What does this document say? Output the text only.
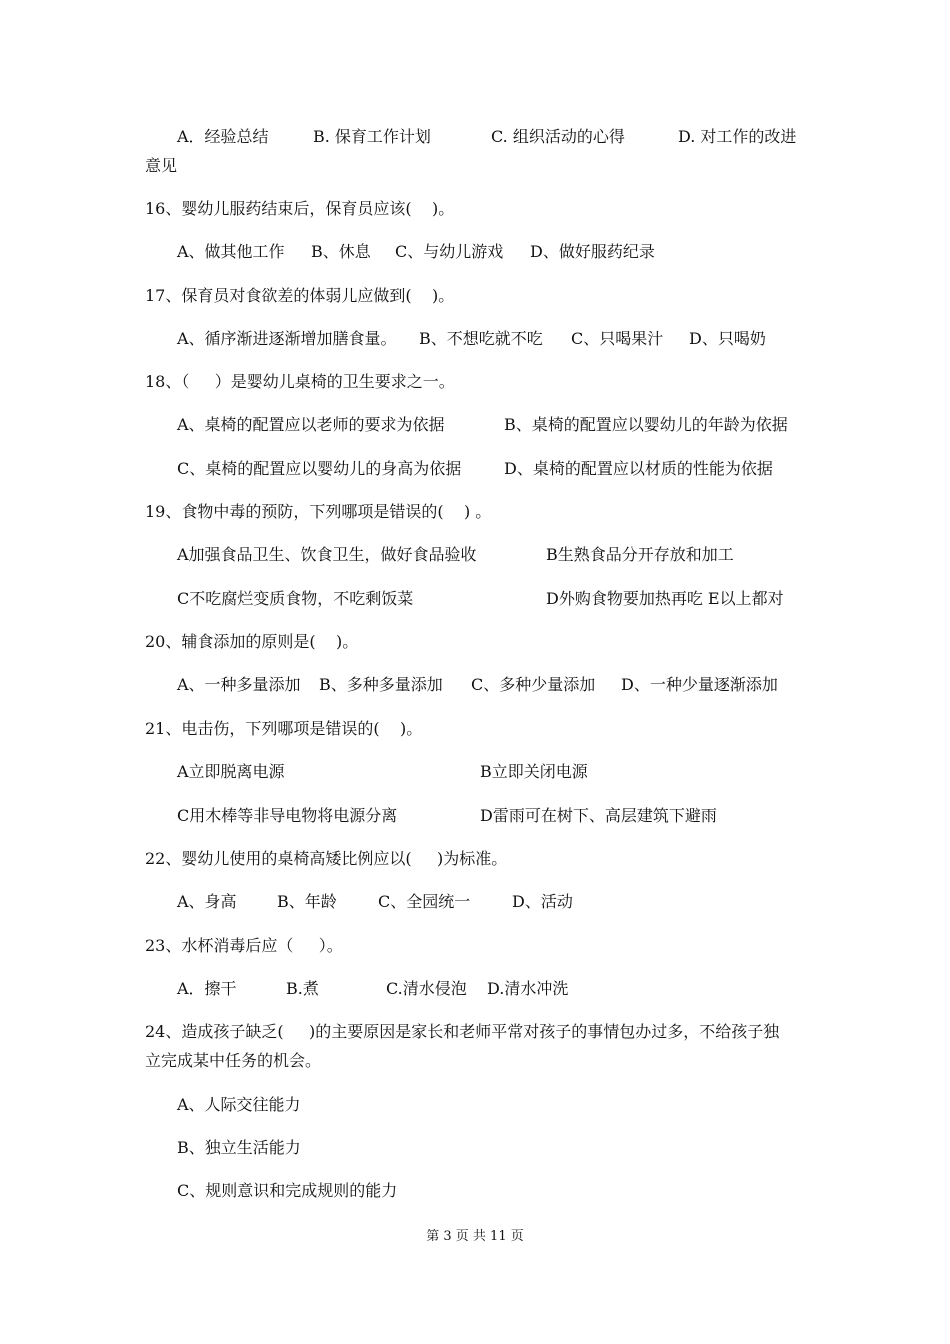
A．经验总结	B. 保育工作计划	C. 组织活动的心得	D. 对工作的改进
意见
16、婴幼儿服药结束后，保育员应该(    )。
A、做其他工作 B、休息 C、与幼儿游戏 D、做好服药纪录
17、保育员对食欲差的体弱儿应做到(    )。
A、循序渐进逐渐增加膳食量。 B、不想吃就不吃 C、只喝果汁 D、只喝奶
18、（     ）是婴幼儿桌椅的卫生要求之一。
A、桌椅的配置应以老师的要求为依据	B、桌椅的配置应以婴幼儿的年龄为依据
C、桌椅的配置应以婴幼儿的身高为依据	D、桌椅的配置应以材质的性能为依据
19、食物中毒的预防，下列哪项是错误的(    ) 。
A加强食品卫生、饮食卫生，做好食品验收	B生熟食品分开存放和加工
C不吃腐烂变质食物，不吃剩饭菜	D外购食物要加热再吃 E以上都对
20、辅食添加的原则是(    )。
A、一种多量添加 B、多种多量添加 C、多种少量添加 D、一种少量逐渐添加
21、电击伤，下列哪项是错误的(    )。
A立即脱离电源	B立即关闭电源
C用木棒等非导电物将电源分离	D雷雨可在树下、高层建筑下避雨
22、婴幼儿使用的桌椅高矮比例应以(     )为标准。
A、身高	B、年龄	C、全园统一	D、活动
23、水杯消毒后应（     ）。
A．擦干	B.煮	C.清水侵泡 D.清水冲洗
24、造成孩子缺乏(     )的主要原因是家长和老师平常对孩子的事情包办过多，不给孩子独
立完成某中任务的机会。
A、人际交往能力
B、独立生活能力
C、规则意识和完成规则的能力
第 3 页 共 11 页
